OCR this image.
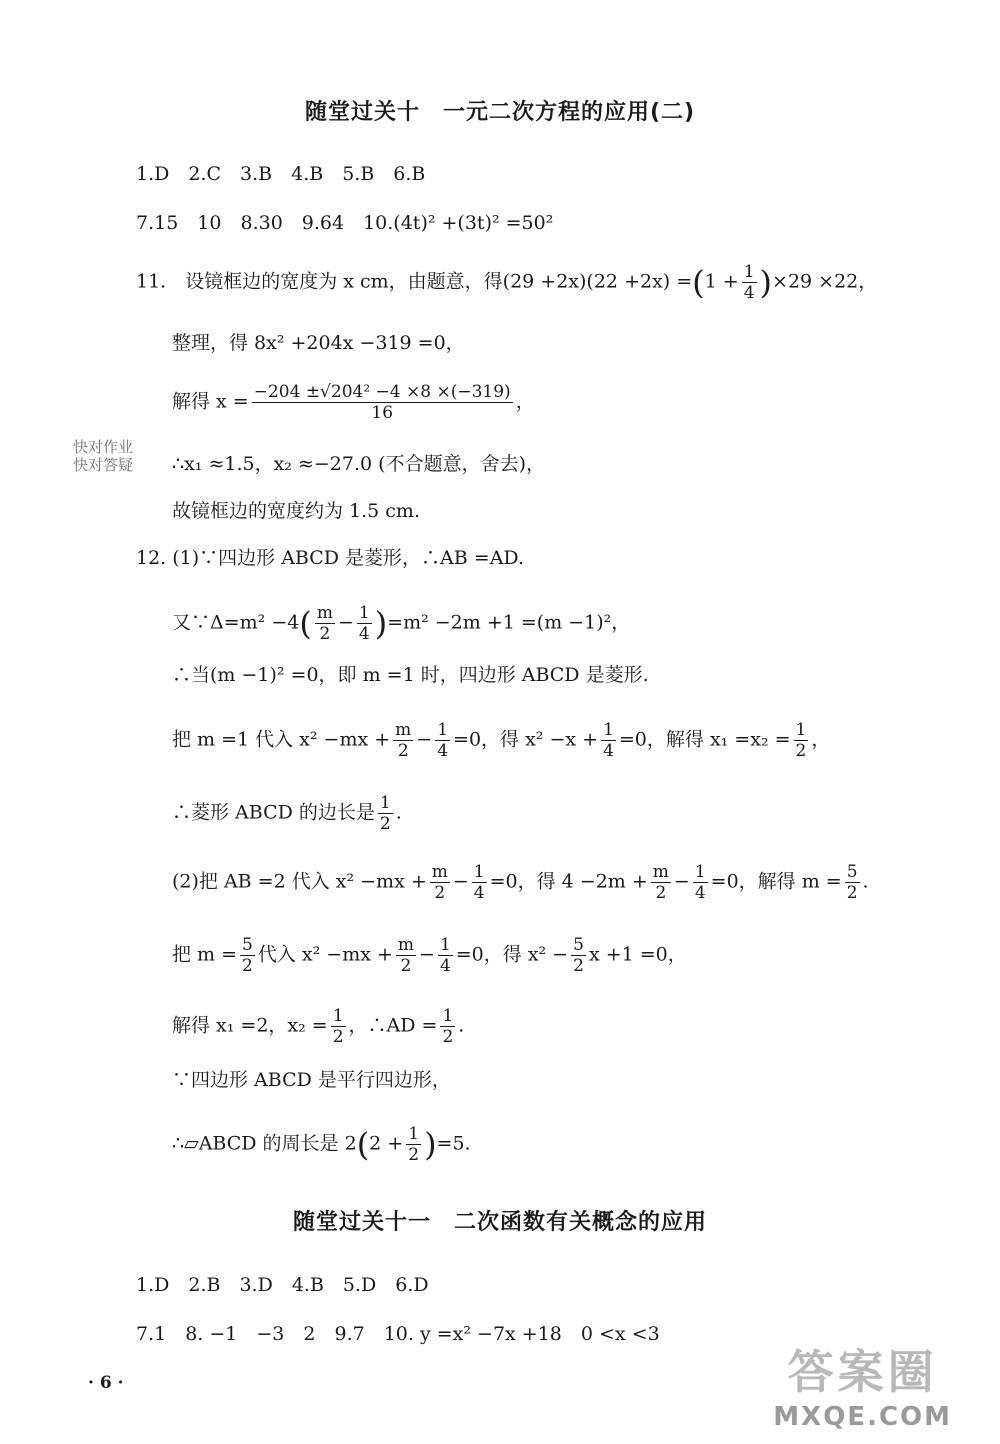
随堂过关十　一元二次方程的应用(二)
1.D　2.C　3.B　4.B　5.B　6.B
7.15　10　8.30　9.64　10.(4t)² +(3t)² =50²
11.　设镜框边的宽度为 x cm，由题意，得$(29 +2x)(22 +2x) =(1 + \frac{1}{4} )\times 29 \times 22$，
整理，得 8x² +204x −319 =0，
解得 $x = \frac{\text{−204 ±√204² −4 ×8 ×(−319)}}{16}$ ，
快对作业
快对答疑 ∴x₁ ≈1.5，x₂ ≈−27.0 (不合题意，舍去)，
故镜框边的宽度约为 1.5 cm.
12. (1)∵四边形 ABCD 是菱形，∴AB =AD.
又∵Δ=m² $-4( \frac{m}{2} - \frac{1}{4} )=m^2 -2m +1 =(m -1)^2$，
∴当(m −1)² =0，即 m =1 时，四边形 ABCD 是菱形.
把 m =1 代入 $x^2 -mx + \frac{m}{2} - \frac{1}{4} =0$，得 $x^2 -x + \frac{1}{4} =0$，解得 $x_1 =x_2 = \frac{1}{2}$ ，
∴菱形 ABCD 的边长是 $\frac{1}{2}$ .
(2)把 AB =2 代入 $x^2 -mx + \frac{m}{2} - \frac{1}{4} =0$，得 $4 -2m + \frac{m}{2} - \frac{1}{4} =0$，解得 $m = \frac{5}{2}$ .
把 $m = \frac{5}{2}$ 代入 $x^2 -mx + \frac{m}{2} - \frac{1}{4} =0$，得 $x^2 - \frac{5}{2}$ x +1 =0，
解得 x₁ =2，$x_2 = \frac{1}{2}$ ，∴AD = $\frac{1}{2}$ .
∵四边形 ABCD 是平行四边形，
∴▱ABCD 的周长是 $2(2 + \frac{1}{2} )=5$.
随堂过关十一　二次函数有关概念的应用
1.D　2.B　3.D　4.B　5.D　6.D
7.1　8. −1　−3　2　9.7　10. y =x² −7x +18　0 <x <3
· 6 ·	答案圈
MXQE.COM
